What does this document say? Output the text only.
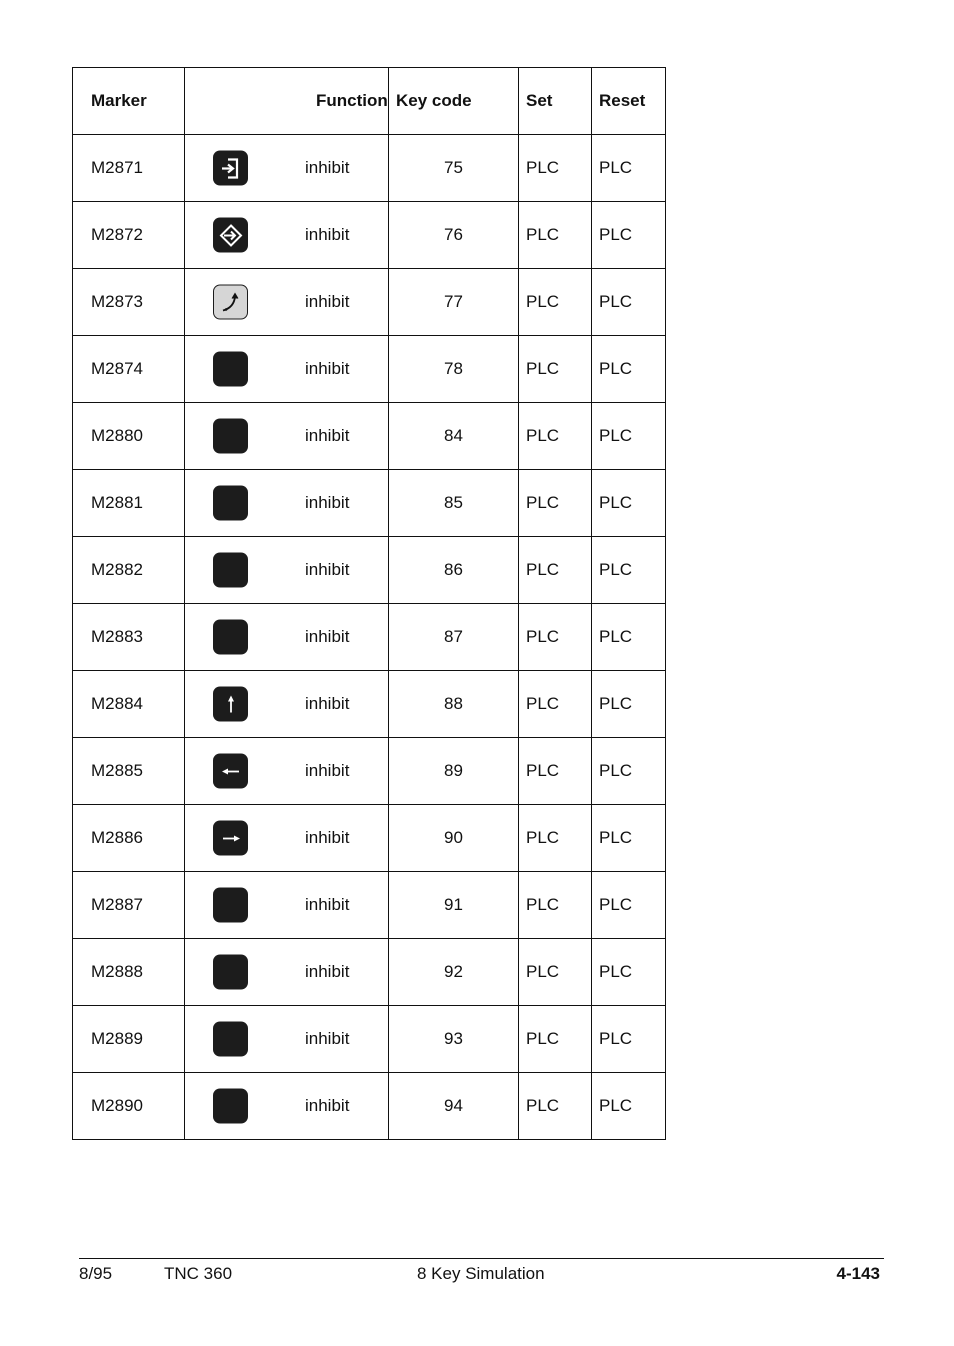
Marker	Function	Key code	Set	Reset
M2871	inhibit	75	PLC	PLC
M2872	inhibit	76	PLC	PLC
M2873	inhibit	77	PLC	PLC
M2874	inhibit	78	PLC	PLC
M2880	inhibit	84	PLC	PLC
M2881	inhibit	85	PLC	PLC
M2882	inhibit	86	PLC	PLC
M2883	inhibit	87	PLC	PLC
M2884	inhibit	88	PLC	PLC
M2885	inhibit	89	PLC	PLC
M2886	inhibit	90	PLC	PLC
M2887	inhibit	91	PLC	PLC
M2888	inhibit	92	PLC	PLC
M2889	inhibit	93	PLC	PLC
M2890	inhibit	94	PLC	PLC
8/95	TNC 360	8 Key Simulation	4-143
